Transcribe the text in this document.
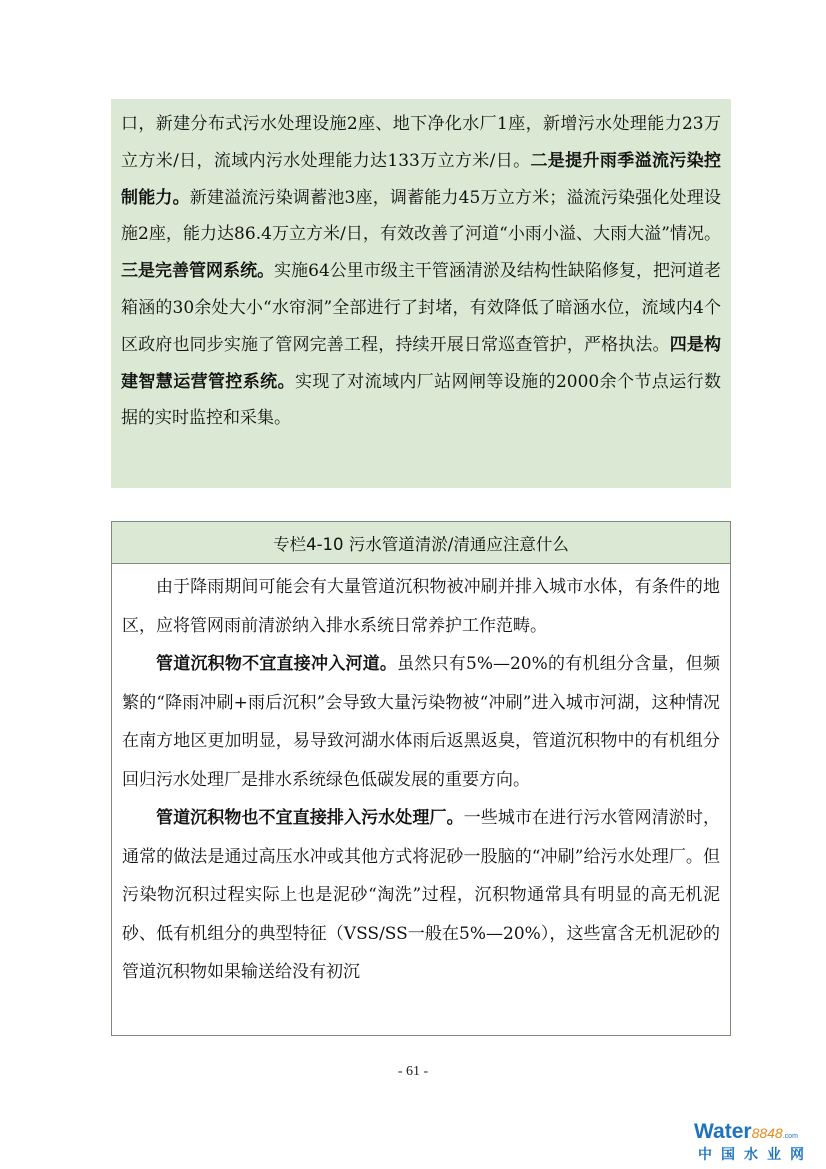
口，新建分布式污水处理设施2座、地下净化水厂1座，新增污水处理能力23万立方米/日，流域内污水处理能力达133万立方米/日。二是提升雨季溢流污染控制能力。新建溢流污染调蓄池3座，调蓄能力45万立方米；溢流污染强化处理设施2座，能力达86.4万立方米/日，有效改善了河道“小雨小溢、大雨大溢”情况。三是完善管网系统。实施64公里市级主干管涵清淤及结构性缺陷修复，把河道老箱涵的30余处大小“水帘洞”全部进行了封堵，有效降低了暗涵水位，流域内4个区政府也同步实施了管网完善工程，持续开展日常巡查管护，严格执法。四是构建智慧运营管控系统。实现了对流域内厂站网闸等设施的2000余个节点运行数据的实时监控和采集。

专栏4-10 污水管道清淤/清通应注意什么

由于降雨期间可能会有大量管道沉积物被冲刷并排入城市水体，有条件的地区，应将管网雨前清淤纳入排水系统日常养护工作范畴。

管道沉积物不宜直接冲入河道。虽然只有5%—20%的有机组分含量，但频繁的“降雨冲刷+雨后沉积”会导致大量污染物被“冲刷”进入城市河湖，这种情况在南方地区更加明显，易导致河湖水体雨后返黑返臭，管道沉积物中的有机组分回归污水处理厂是排水系统绿色低碳发展的重要方向。

管道沉积物也不宜直接排入污水处理厂。一些城市在进行污水管网清淤时，通常的做法是通过高压水冲或其他方式将泥砂一股脑的“冲刷”给污水处理厂。但污染物沉积过程实际上也是泥砂“淘洗”过程，沉积物通常具有明显的高无机泥砂、低有机组分的典型特征（VSS/SS一般在5%—20%），这些富含无机泥砂的管道沉积物如果输送给没有初沉

- 61 -
Water8848.com
中国水业网
